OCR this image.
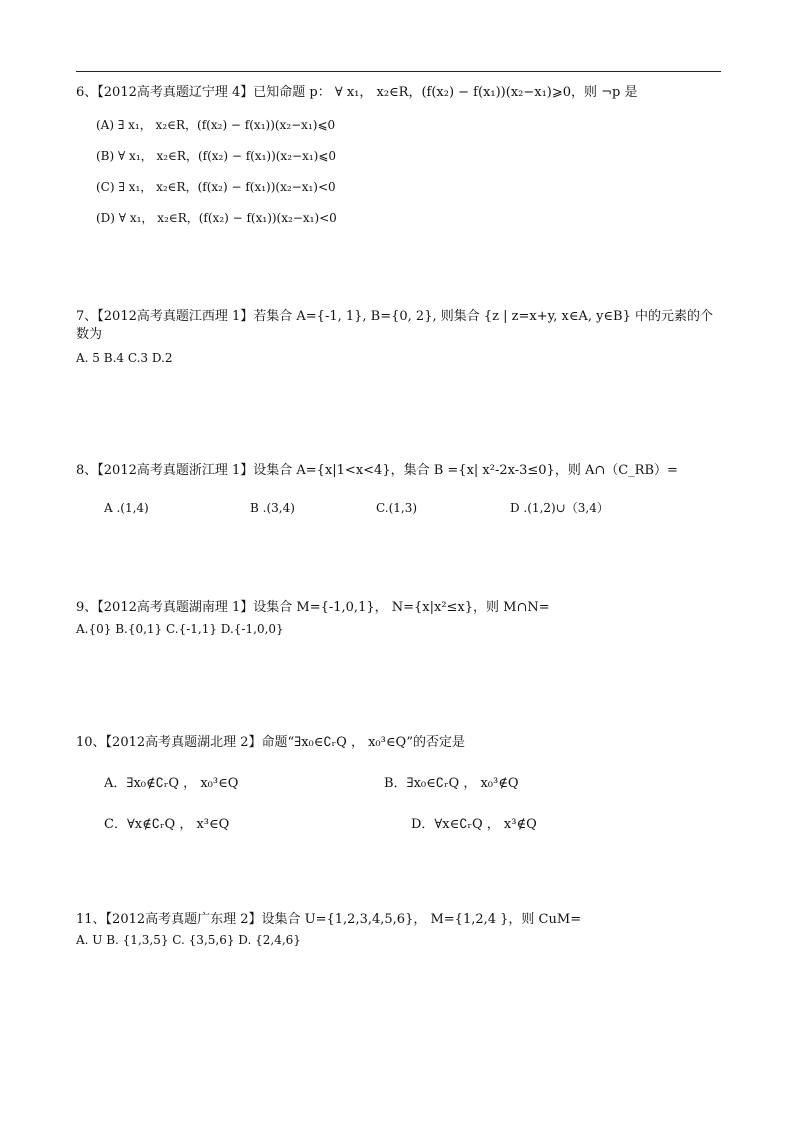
6、【2012高考真题辽宁理 4】已知命题 p： ∀ x₁， x₂∈R，(f(x₂) − f(x₁))(x₂−x₁)⩾0，则 ¬p 是
(A) ∃ x₁， x₂∈R，(f(x₂) − f(x₁))(x₂−x₁)⩽0
(B) ∀ x₁， x₂∈R，(f(x₂) − f(x₁))(x₂−x₁)⩽0
(C) ∃ x₁， x₂∈R，(f(x₂) − f(x₁))(x₂−x₁)<0
(D) ∀ x₁， x₂∈R，(f(x₂) − f(x₁))(x₂−x₁)<0
7、【2012高考真题江西理 1】若集合 A={-1, 1}, B={0, 2}, 则集合 {z | z=x+y, x∈A, y∈B} 中的元素的个数为
A. 5 B.4 C.3 D.2
8、【2012高考真题浙江理 1】设集合 A={x|1<x<4}，集合 B ={x| x²-2x-3≤0}，则 A∩（C_RB）=
A .(1,4)	B .(3,4)	C.(1,3)	D .(1,2)∪（3,4）
9、【2012高考真题湖南理 1】设集合 M={-1,0,1}， N={x|x²≤x}，则 M∩N=
A.{0} B.{0,1} C.{-1,1} D.{-1,0,0}
10、【2012高考真题湖北理 2】命题“∃x₀∈∁ᵣQ ， x₀³∈Q”的否定是
A．∃x₀∉∁ᵣQ ， x₀³∈Q	B．∃x₀∈∁ᵣQ ， x₀³∉Q
C．∀x∉∁ᵣQ ， x³∈Q	D．∀x∈∁ᵣQ ， x³∉Q
11、【2012高考真题广东理 2】设集合 U={1,2,3,4,5,6}， M={1,2,4 }，则 CuM=
A. U B. {1,3,5} C. {3,5,6} D. {2,4,6}
